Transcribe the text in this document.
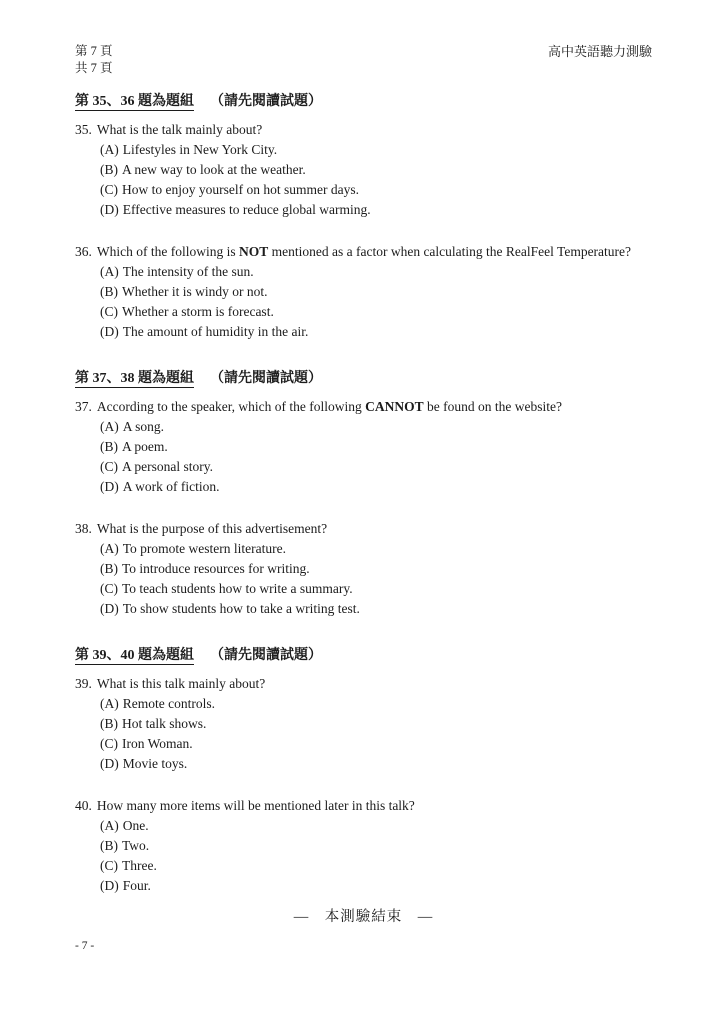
第 7 頁
共 7 頁
高中英語聽力測驗
第 35、36 題為題組 （請先閱讀試題）
35. What is the talk mainly about?
(A) Lifestyles in New York City.
(B) A new way to look at the weather.
(C) How to enjoy yourself on hot summer days.
(D) Effective measures to reduce global warming.
36. Which of the following is NOT mentioned as a factor when calculating the RealFeel Temperature?
(A) The intensity of the sun.
(B) Whether it is windy or not.
(C) Whether a storm is forecast.
(D) The amount of humidity in the air.
第 37、38 題為題組 （請先閱讀試題）
37. According to the speaker, which of the following CANNOT be found on the website?
(A) A song.
(B) A poem.
(C) A personal story.
(D) A work of fiction.
38. What is the purpose of this advertisement?
(A) To promote western literature.
(B) To introduce resources for writing.
(C) To teach students how to write a summary.
(D) To show students how to take a writing test.
第 39、40 題為題組 （請先閱讀試題）
39. What is this talk mainly about?
(A) Remote controls.
(B) Hot talk shows.
(C) Iron Woman.
(D) Movie toys.
40. How many more items will be mentioned later in this talk?
(A) One.
(B) Two.
(C) Three.
(D) Four.
—　本測驗結束　—
- 7 -
